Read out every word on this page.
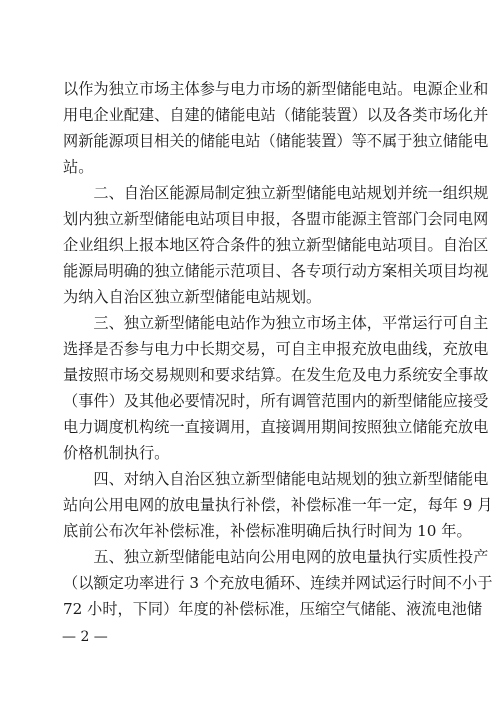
以作为独立市场主体参与电力市场的新型储能电站。电源企业和
用电企业配建、自建的储能电站（储能装置）以及各类市场化并
网新能源项目相关的储能电站（储能装置）等不属于独立储能电
站。
　　二、自治区能源局制定独立新型储能电站规划并统一组织规
划内独立新型储能电站项目申报，各盟市能源主管部门会同电网
企业组织上报本地区符合条件的独立新型储能电站项目。自治区
能源局明确的独立储能示范项目、各专项行动方案相关项目均视
为纳入自治区独立新型储能电站规划。
　　三、独立新型储能电站作为独立市场主体，平常运行可自主
选择是否参与电力中长期交易，可自主申报充放电曲线，充放电
量按照市场交易规则和要求结算。在发生危及电力系统安全事故
（事件）及其他必要情况时，所有调管范围内的新型储能应接受
电力调度机构统一直接调用，直接调用期间按照独立储能充放电
价格机制执行。
　　四、对纳入自治区独立新型储能电站规划的独立新型储能电
站向公用电网的放电量执行补偿，补偿标准一年一定，每年 9 月
底前公布次年补偿标准，补偿标准明确后执行时间为 10 年。
　　五、独立新型储能电站向公用电网的放电量执行实质性投产
（以额定功率进行 3 个充放电循环、连续并网试运行时间不小于
72 小时，下同）年度的补偿标准，压缩空气储能、液流电池储
— 2 —
